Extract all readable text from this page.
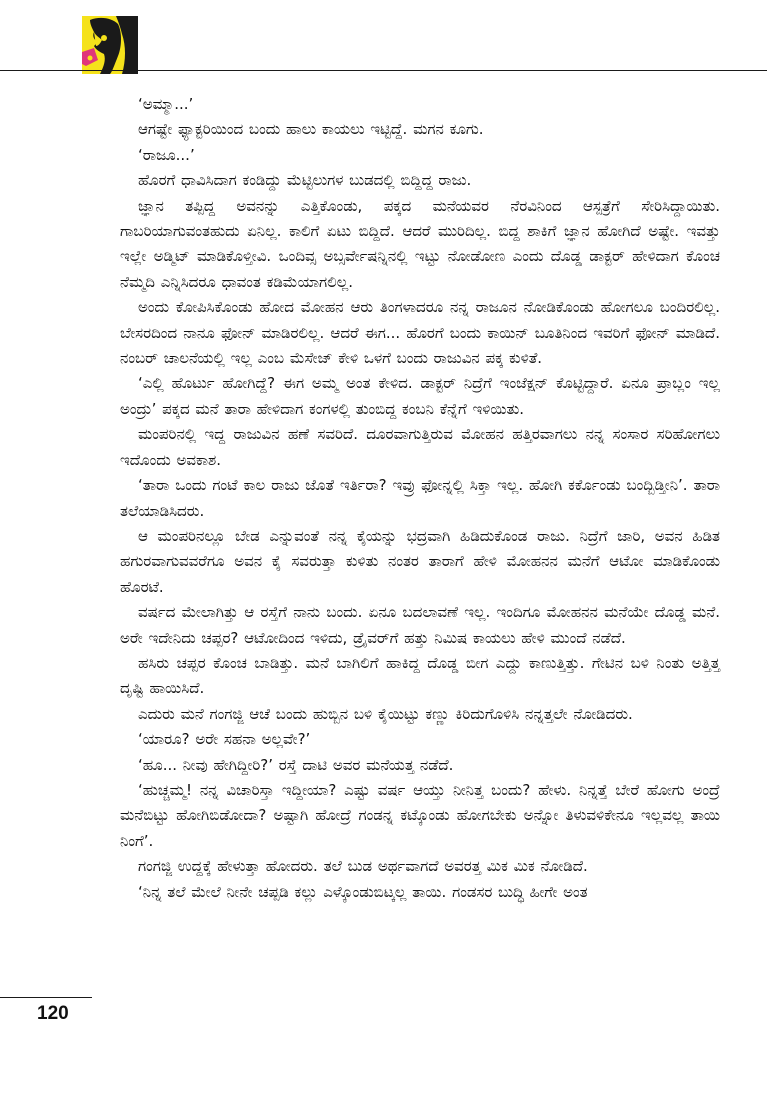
‘ಅಮ್ಮಾ...’

ಆಗಷ್ಟೇ ಫ್ಯಾಕ್ಟರಿಯಿಂದ ಬಂದು ಹಾಲು ಕಾಯಲು ಇಟ್ಟಿದ್ದೆ. ಮಗನ ಕೂಗು.

‘ರಾಜೂ...’

ಹೊರಗೆ ಧಾವಿಸಿದಾಗ ಕಂಡಿದ್ದು ಮೆಟ್ಟಿಲುಗಳ ಬುಡದಲ್ಲಿ ಬಿದ್ದಿದ್ದ ರಾಜು.

ಜ್ಞಾನ ತಪ್ಪಿದ್ದ ಅವನನ್ನು ಎತ್ತಿಕೊಂಡು, ಪಕ್ಕದ ಮನೆಯವರ ನೆರವಿನಿಂದ ಆಸ್ಪತ್ರೆಗೆ ಸೇರಿಸಿದ್ದಾಯಿತು. ಗಾಬರಿಯಾಗುವಂತಹುದು ಏನಿಲ್ಲ. ಕಾಲಿಗೆ ಏಟು ಬಿದ್ದಿದೆ. ಆದರೆ ಮುರಿದಿಲ್ಲ. ಬಿದ್ದ ಶಾಕಿಗೆ ಜ್ಞಾನ ಹೋಗಿದೆ ಅಷ್ಟೇ. ಇವತ್ತು ಇಲ್ಲೇ ಅಡ್ಮಿಟ್ ಮಾಡಿಕೊಳ್ತೀವಿ. ಒಂದಿವ್ಸ ಅಬ್ಸರ್ವೇಷನ್ನಿನಲ್ಲಿ ಇಟ್ಟು ನೋಡೋಣ ಎಂದು ದೊಡ್ಡ ಡಾಕ್ಟರ್ ಹೇಳಿದಾಗ ಕೊಂಚ ನೆಮ್ಮದಿ ಎನ್ನಿಸಿದರೂ ಧಾವಂತ ಕಡಿಮೆಯಾಗಲಿಲ್ಲ.

ಅಂದು ಕೋಪಿಸಿಕೊಂಡು ಹೋದ ಮೋಹನ ಆರು ತಿಂಗಳಾದರೂ ನನ್ನ ರಾಜೂನ ನೋಡಿಕೊಂಡು ಹೋಗಲೂ ಬಂದಿರಲಿಲ್ಲ. ಬೇಸರದಿಂದ ನಾನೂ ಫೋನ್ ಮಾಡಿರಲಿಲ್ಲ. ಆದರೆ ಈಗ... ಹೊರಗೆ ಬಂದು ಕಾಯಿನ್ ಬೂತಿನಿಂದ ಇವರಿಗೆ ಫೋನ್ ಮಾಡಿದೆ. ನಂಬರ್ ಚಾಲನೆಯಲ್ಲಿ ಇಲ್ಲ ಎಂಬ ಮೆಸೇಜ್ ಕೇಳಿ ಒಳಗೆ ಬಂದು ರಾಜುವಿನ ಪಕ್ಕ ಕುಳಿತೆ.

‘ಎಲ್ಲಿ ಹೊರ್ಟು ಹೋಗಿದ್ದೆ? ಈಗ ಅಮ್ಮ ಅಂತ ಕೇಳಿದ. ಡಾಕ್ಟರ್ ನಿದ್ರೆಗೆ ಇಂಜೆಕ್ಷನ್ ಕೊಟ್ಟಿದ್ದಾರೆ. ಏನೂ ಪ್ರಾಬ್ಲಂ ಇಲ್ಲ ಅಂದ್ರು’ ಪಕ್ಕದ ಮನೆ ತಾರಾ ಹೇಳಿದಾಗ ಕಂಗಳಲ್ಲಿ ತುಂಬಿದ್ದ ಕಂಬನಿ ಕೆನ್ನೆಗೆ ಇಳಿಯಿತು.

ಮಂಪರಿನಲ್ಲಿ ಇದ್ದ ರಾಜುವಿನ ಹಣೆ ಸವರಿದೆ. ದೂರವಾಗುತ್ತಿರುವ ಮೋಹನ ಹತ್ತಿರವಾಗಲು ನನ್ನ ಸಂಸಾರ ಸರಿಹೋಗಲು ಇದೊಂದು ಅವಕಾಶ.

‘ತಾರಾ ಒಂದು ಗಂಟೆ ಕಾಲ ರಾಜು ಜೊತೆ ಇರ್ತಿರಾ? ಇವ್ರು ಫೋನ್ನಲ್ಲಿ ಸಿಕ್ತಾ ಇಲ್ಲ. ಹೋಗಿ ಕರ್ಕೊಂಡು ಬಂದ್ಬಿಡ್ತೀನಿ’. ತಾರಾ ತಲೆಯಾಡಿಸಿದರು.

ಆ ಮಂಪರಿನಲ್ಲೂ ಬೇಡ ಎನ್ನುವಂತೆ ನನ್ನ ಕೈಯನ್ನು ಭದ್ರವಾಗಿ ಹಿಡಿದುಕೊಂಡ ರಾಜು. ನಿದ್ರೆಗೆ ಜಾರಿ, ಅವನ ಹಿಡಿತ ಹಗುರವಾಗುವವರೆಗೂ ಅವನ ಕೈ ಸವರುತ್ತಾ ಕುಳಿತು ನಂತರ ತಾರಾಗೆ ಹೇಳಿ ಮೋಹನನ ಮನೆಗೆ ಆಟೋ ಮಾಡಿಕೊಂಡು ಹೊರಟೆ.

ವರ್ಷದ ಮೇಲಾಗಿತ್ತು ಆ ರಸ್ತೆಗೆ ನಾನು ಬಂದು. ಏನೂ ಬದಲಾವಣೆ ಇಲ್ಲ. ಇಂದಿಗೂ ಮೋಹನನ ಮನೆಯೇ ದೊಡ್ಡ ಮನೆ. ಅರೇ ಇದೇನಿದು ಚಪ್ಪರ? ಆಟೋದಿಂದ ಇಳಿದು, ಡ್ರೈವರ್‌ಗೆ ಹತ್ತು ನಿಮಿಷ ಕಾಯಲು ಹೇಳಿ ಮುಂದೆ ನಡೆದೆ.

ಹಸಿರು ಚಪ್ಪರ ಕೊಂಚ ಬಾಡಿತ್ತು. ಮನೆ ಬಾಗಿಲಿಗೆ ಹಾಕಿದ್ದ ದೊಡ್ಡ ಬೀಗ ಎದ್ದು ಕಾಣುತ್ತಿತ್ತು. ಗೇಟಿನ ಬಳಿ ನಿಂತು ಅತ್ತಿತ್ತ ದೃಷ್ಟಿ ಹಾಯಿಸಿದೆ.

ಎದುರು ಮನೆ ಗಂಗಜ್ಜಿ ಆಚೆ ಬಂದು ಹುಬ್ಬಿನ ಬಳಿ ಕೈಯಿಟ್ಟು ಕಣ್ಣು ಕಿರಿದುಗೊಳಿಸಿ ನನ್ನತ್ತಲೇ ನೋಡಿದರು.

‘ಯಾರೂ? ಅರೇ ಸಹನಾ ಅಲ್ಲವೇ?’

‘ಹೂ... ನೀವು ಹೇಗಿದ್ದೀರಿ?’ ರಸ್ತೆ ದಾಟಿ ಅವರ ಮನೆಯತ್ತ ನಡೆದೆ.

‘ಹುಚ್ಚಮ್ಮ! ನನ್ನ ವಿಚಾರಿಸ್ತಾ ಇದ್ದೀಯಾ? ಎಷ್ಟು ವರ್ಷ ಆಯ್ತು ನೀನಿತ್ತ ಬಂದು? ಹೇಳು. ನಿನ್ನತ್ತೆ ಬೇರೆ ಹೋಗು ಅಂದ್ರೆ ಮನೆಬಿಟ್ಟು ಹೋಗಿಬಿಡೋದಾ? ಅಷ್ಟಾಗಿ ಹೋದ್ರೆ ಗಂಡನ್ನ ಕಟ್ಕೊಂಡು ಹೋಗಬೇಕು ಅನ್ನೋ ತಿಳುವಳಿಕೇನೂ ಇಲ್ಲವಲ್ಲ ತಾಯಿ ನಿಂಗೆ’.

ಗಂಗಜ್ಜಿ ಉದ್ದಕ್ಕೆ ಹೇಳುತ್ತಾ ಹೋದರು. ತಲೆ ಬುಡ ಅರ್ಥವಾಗದೆ ಅವರತ್ತ ಮಿಕ ಮಿಕ ನೋಡಿದೆ.

‘ನಿನ್ನ ತಲೆ ಮೇಲೆ ನೀನೇ ಚಪ್ಪಡಿ ಕಲ್ಲು ಎಳ್ಕೊಂಡುಬಿಟ್ಕಲ್ಲ ತಾಯಿ. ಗಂಡಸರ ಬುದ್ಧಿ ಹೀಗೇ ಅಂತ

120
